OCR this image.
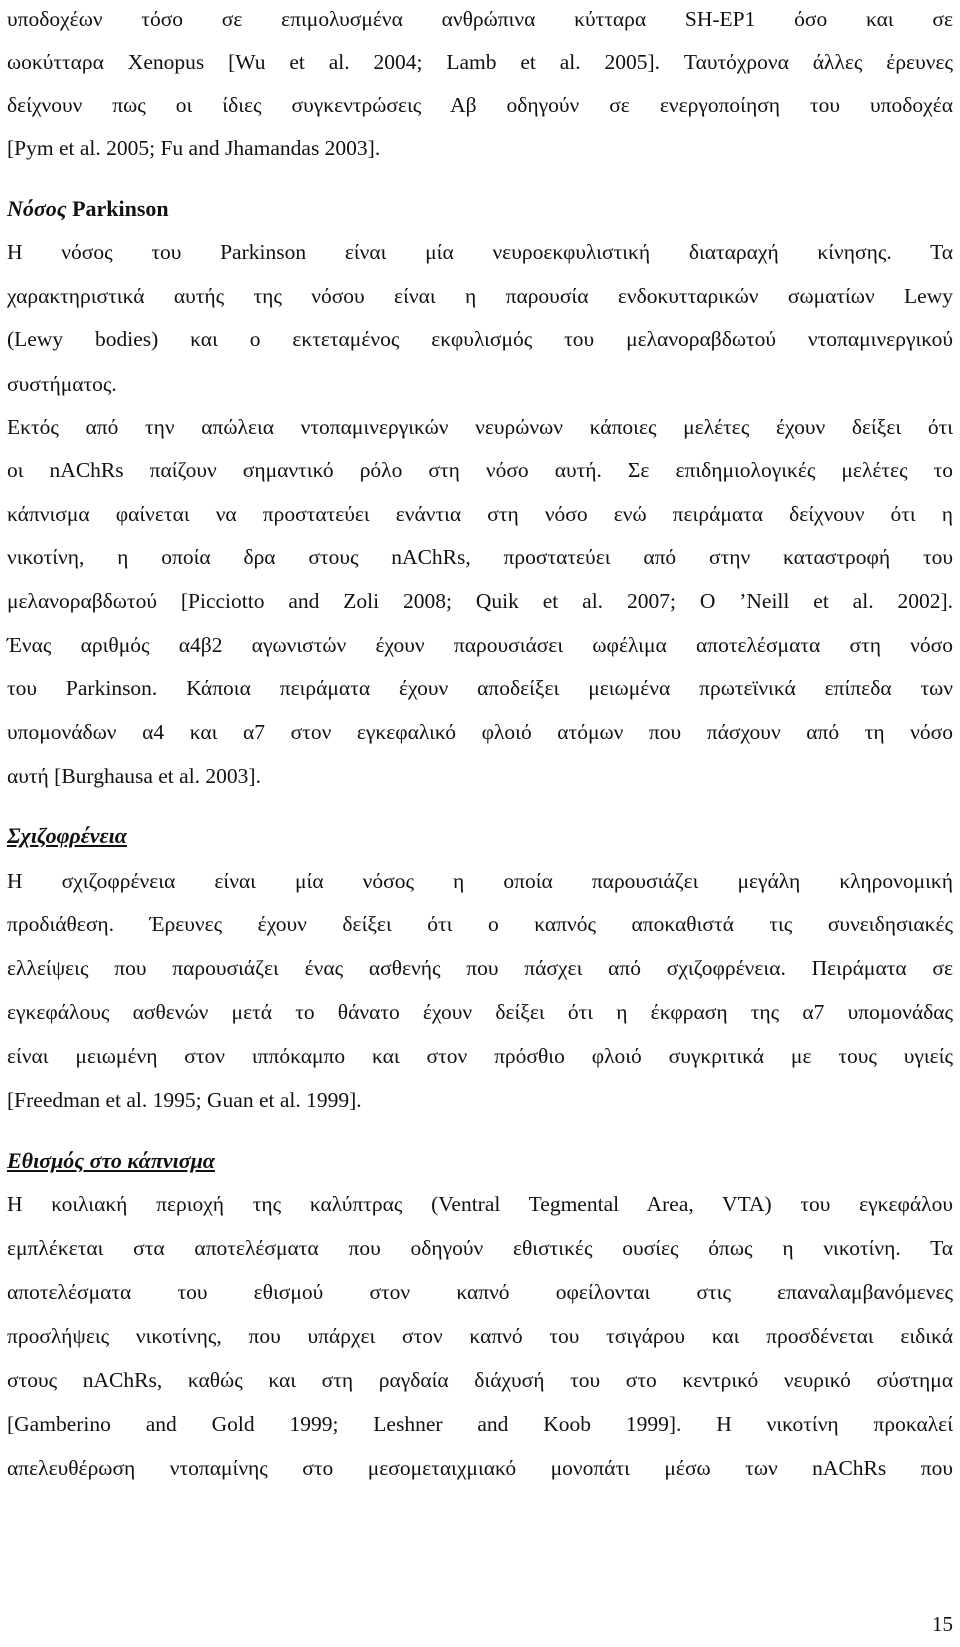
υποδοχέων τόσο σε επιμολυσμένα ανθρώπινα κύτταρα SH-EP1 όσο και σε
ωοκύτταρα Xenopus [Wu et al. 2004; Lamb et al. 2005]. Ταυτόχρονα άλλες έρευνες
δείχνουν πως οι ίδιες συγκεντρώσεις Αβ οδηγούν σε ενεργοποίηση του υποδοχέα
[Pym et al. 2005; Fu and Jhamandas 2003].
Νόσος Parkinson
Η νόσος του Parkinson είναι μία νευροεκφυλιστική διαταραχή κίνησης. Τα
χαρακτηριστικά αυτής της νόσου είναι η παρουσία ενδοκυτταρικών σωματίων Lewy
(Lewy bodies) και ο εκτεταμένος εκφυλισμός του μελανοραβδωτού ντοπαμινεργικού
συστήματος.
Εκτός από την απώλεια ντοπαμινεργικών νευρώνων κάποιες μελέτες έχουν δείξει ότι
οι nAChRs παίζουν σημαντικό ρόλο στη νόσο αυτή. Σε επιδημιολογικές μελέτες το
κάπνισμα φαίνεται να προστατεύει ενάντια στη νόσο ενώ πειράματα δείχνουν ότι η
νικοτίνη, η οποία δρα στους nAChRs, προστατεύει από στην καταστροφή του
μελανοραβδωτού [Picciotto and Zoli 2008; Quik et al. 2007; O ’Neill et al. 2002].
Ένας αριθμός α4β2 αγωνιστών έχουν παρουσιάσει ωφέλιμα αποτελέσματα στη νόσο
του Parkinson. Κάποια πειράματα έχουν αποδείξει μειωμένα πρωτεϊνικά επίπεδα των
υπομονάδων α4 και α7 στον εγκεφαλικό φλοιό ατόμων που πάσχουν από τη νόσο
αυτή [Burghausa et al. 2003].
Σχιζοφρένεια
Η σχιζοφρένεια είναι μία νόσος η οποία παρουσιάζει μεγάλη κληρονομική
προδιάθεση. Έρευνες έχουν δείξει ότι ο καπνός αποκαθιστά τις συνειδησιακές
ελλείψεις που παρουσιάζει ένας ασθενής που πάσχει από σχιζοφρένεια. Πειράματα σε
εγκεφάλους ασθενών μετά το θάνατο έχουν δείξει ότι η έκφραση της α7 υπομονάδας
είναι μειωμένη στον ιππόκαμπο και στον πρόσθιο φλοιό συγκριτικά με τους υγιείς
[Freedman et al. 1995; Guan et al. 1999].
Εθισμός στο κάπνισμα
Η κοιλιακή περιοχή της καλύπτρας (Ventral Tegmental Area, VTA) του εγκεφάλου
εμπλέκεται στα αποτελέσματα που οδηγούν εθιστικές ουσίες όπως η νικοτίνη. Τα
αποτελέσματα του εθισμού στον καπνό οφείλονται στις επαναλαμβανόμενες
προσλήψεις νικοτίνης, που υπάρχει στον καπνό του τσιγάρου και προσδένεται ειδικά
στους nAChRs, καθώς και στη ραγδαία διάχυσή του στο κεντρικό νευρικό σύστημα
[Gamberino and Gold 1999; Leshner and Koob 1999]. Η νικοτίνη προκαλεί
απελευθέρωση ντοπαμίνης στο μεσομεταιχμιακό μονοπάτι μέσω των nAChRs που
15
